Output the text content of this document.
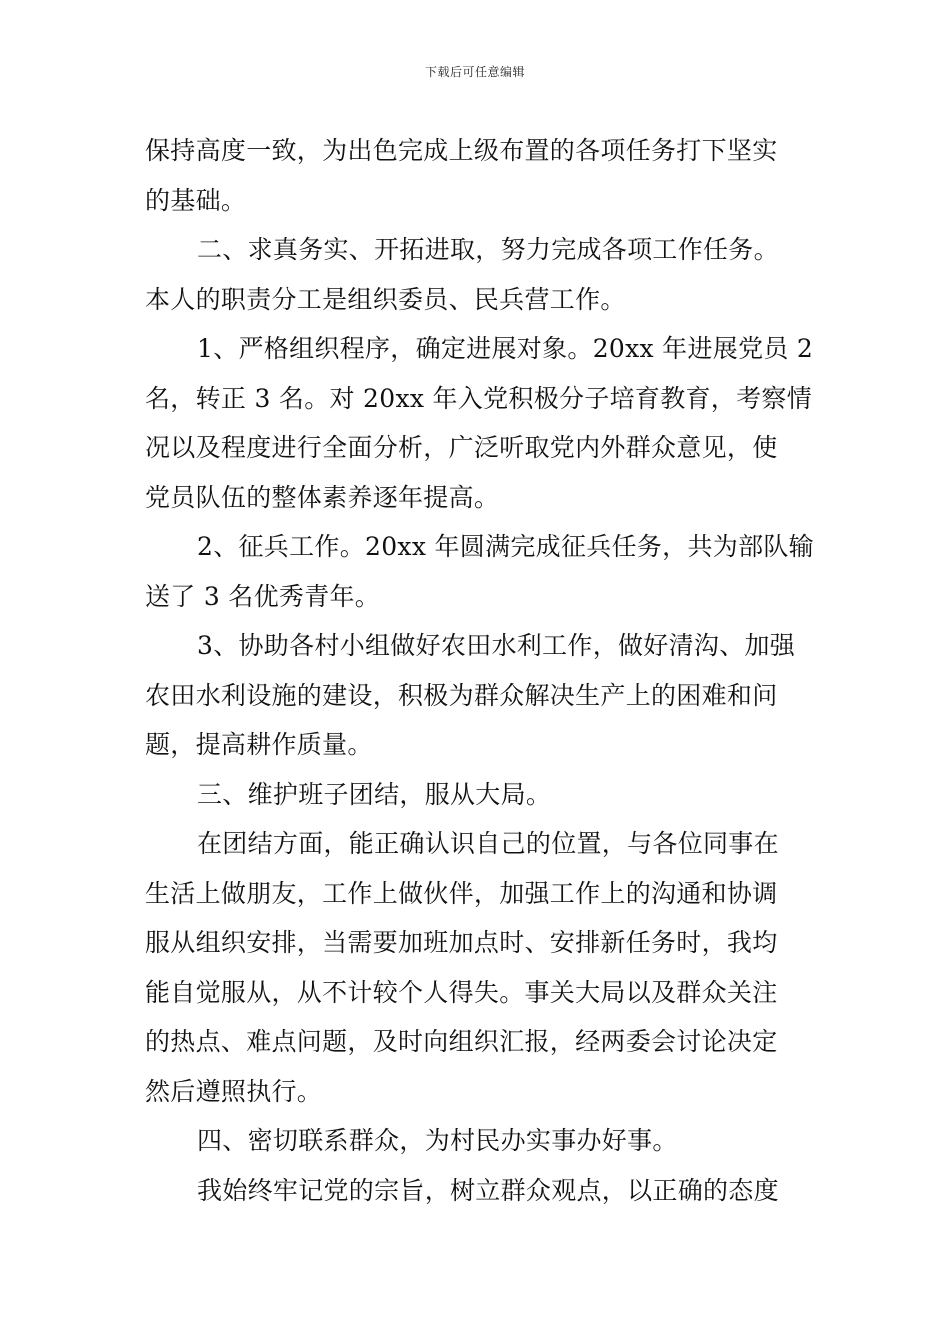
下载后可任意编辑
保持高度一致，为出色完成上级布置的各项任务打下坚实
的基础。
二、求真务实、开拓进取，努力完成各项工作任务。
本人的职责分工是组织委员、民兵营工作。
1、严格组织程序，确定进展对象。20xx 年进展党员 2
名，转正 3 名。对 20xx 年入党积极分子培育教育，考察情
况以及程度进行全面分析，广泛听取党内外群众意见，使
党员队伍的整体素养逐年提高。
2、征兵工作。20xx 年圆满完成征兵任务，共为部队输
送了 3 名优秀青年。
3、协助各村小组做好农田水利工作，做好清沟、加强
农田水利设施的建设，积极为群众解决生产上的困难和问
题，提高耕作质量。
三、维护班子团结，服从大局。
在团结方面，能正确认识自己的位置，与各位同事在
生活上做朋友，工作上做伙伴，加强工作上的沟通和协调
服从组织安排，当需要加班加点时、安排新任务时，我均
能自觉服从，从不计较个人得失。事关大局以及群众关注
的热点、难点问题，及时向组织汇报，经两委会讨论决定
然后遵照执行。
四、密切联系群众，为村民办实事办好事。
我始终牢记党的宗旨，树立群众观点，以正确的态度
